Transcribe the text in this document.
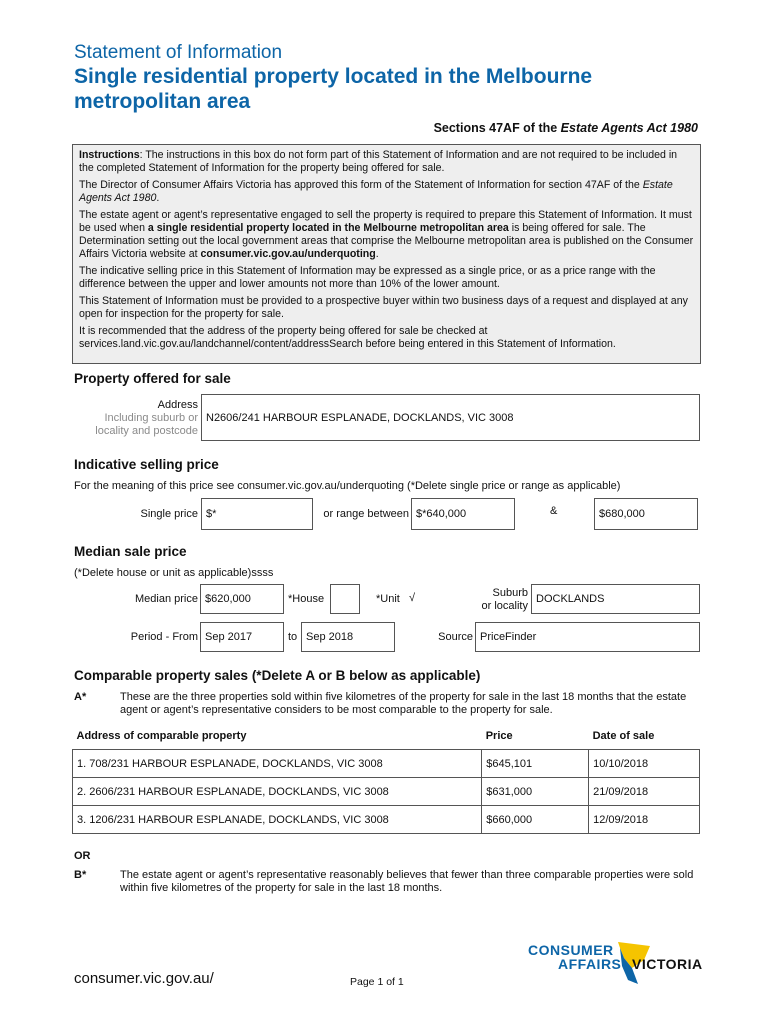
Statement of Information
Single residential property located in the Melbourne metropolitan area
Sections 47AF of the Estate Agents Act 1980

Instructions: The instructions in this box do not form part of this Statement of Information and are not required to be included in the completed Statement of Information for the property being offered for sale.

The Director of Consumer Affairs Victoria has approved this form of the Statement of Information for section 47AF of the Estate Agents Act 1980.

The estate agent or agent’s representative engaged to sell the property is required to prepare this Statement of Information. It must be used when a single residential property located in the Melbourne metropolitan area is being offered for sale. The Determination setting out the local government areas that comprise the Melbourne metropolitan area is published on the Consumer Affairs Victoria website at consumer.vic.gov.au/underquoting.

The indicative selling price in this Statement of Information may be expressed as a single price, or as a price range with the difference between the upper and lower amounts not more than 10% of the lower amount.

This Statement of Information must be provided to a prospective buyer within two business days of a request and displayed at any open for inspection for the property for sale.

It is recommended that the address of the property being offered for sale be checked at services.land.vic.gov.au/landchannel/content/addressSearch before being entered in this Statement of Information.

Property offered for sale
Address
Including suburb or
locality and postcode
N2606/241 HARBOUR ESPLANADE, DOCKLANDS, VIC 3008
Indicative selling price
For the meaning of this price see consumer.vic.gov.au/underquoting (*Delete single price or range as applicable)
Single price $*	or range between $*640,000	&	$680,000
Median sale price
(*Delete house or unit as applicable)ssss
Median price $620,000	*House	*Unit √	Suburb
or locality
DOCKLANDS
Period - From Sep 2017	to Sep 2018	Source PriceFinder
Comparable property sales (*Delete A or B below as applicable)
A*	These are the three properties sold within five kilometres of the property for sale in the last 18 months that the estate agent or agent’s representative considers to be most comparable to the property for sale.
Address of comparable property	Price	Date of sale
1. 708/231 HARBOUR ESPLANADE, DOCKLANDS, VIC 3008	$645,101	10/10/2018
2. 2606/231 HARBOUR ESPLANADE, DOCKLANDS, VIC 3008	$631,000	21/09/2018
3. 1206/231 HARBOUR ESPLANADE, DOCKLANDS, VIC 3008	$660,000	12/09/2018
OR
B*	The estate agent or agent’s representative reasonably believes that fewer than three comparable properties were sold within five kilometres of the property for sale in the last 18 months.
consumer.vic.gov.au/	Page 1 of 1
CONSUMER
AFFAIRS VICTORIA
